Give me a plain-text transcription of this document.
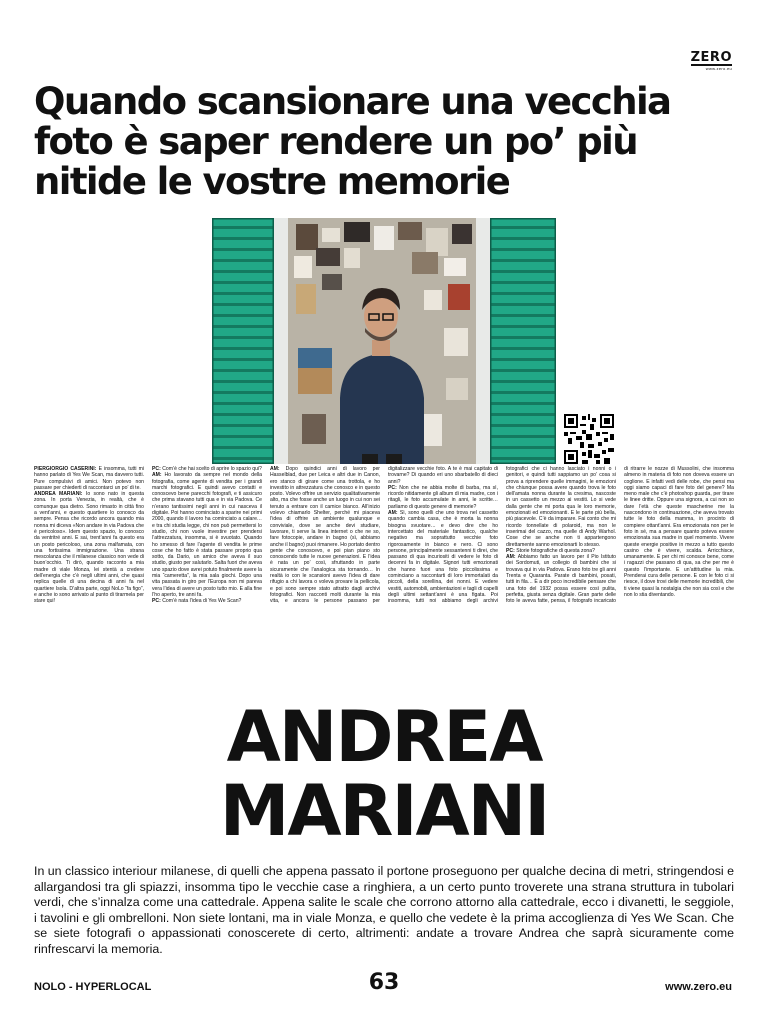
ZERO
www.zero.eu
Quando scansionare una vecchia foto è saper rendere un po’ più nitide le vostre memorie

PIERGIORGIO CASERINI: È insomma, tutti mi hanno parlato di Yes We Scan, ma davvero tutti. Pure compulsivi di amici. Non potevo non passare per chiederti di raccontarci un po’ di te.

ANDREA MARIANI: Io sono nato in questa zona. In porta Venezia, in realtà, che è comunque qua dietro. Sono rimasto in città fino a vent’anni, e questo quartiere lo conosco da sempre. Pensa che ricordo ancora quando mia nonna mi diceva «Non andare in via Padova che è pericoloso». Idem questo spazio, lo conosco da ventritré anni. E sai, trent’anni fa questo era un posto pericoloso, una zona malfamata, con una fortissima immigrazione. Una strana mescolanza che il milanese classico non vede di buon’occhio. Ti dirò, quando racconto a mia madre di viale Monza, lei stentà a credere dell’energia che c’è negli ultimi anni, che quasi replica quelle di una decina di anni fa nel quartiere Isola. D’altra parte, oggi NoLo “fa figo”, e anche io sono arrivato al punto di tirarmela per stare qui!

PC: Com’è che hai scelto di aprire lo spazio qui?

AM: Ho lavorato da sempre nel mondo della fotografia, come agente di vendita per i grandi marchi fotografici. E quindi avevo contatti e conoscevo bene parecchi fotografi, e ti assicuro che prima stavano tutti qua e in via Padova. Ce n’erano tantissimi negli anni in cui nasceva il digitale. Poi hanno cominciato a sparire nei primi 2000, quando il lavoro ha cominciato a calare… e tra chi studia legge, chi non può permettersi lo studio, chi non vuole investire per prendersi l’attrezzatura, insomma, si è svuotato. Quando ho smesso di fare l’agente di vendita le prime cose che ho fatto è stata passare proprio qua sotto, da Dario, un amico che aveva il suo studio, giusto per salutarlo. Salta fuori che aveva uno spazio dove avrei potuto finalmente avere la mia “cameretta”, la mia sala giochi. Dopo una vita passata in giro per l’Europa non mi pareva vera l’idea di avere un posto tutto mio. E alla fine l’ho aperto, tre anni fa.

PC: Com’è nata l’idea di Yes We Scan?

AM: Dopo quindici anni di lavoro per Hasselblad, due per Leica e altri due in Canon, ero stanco di girare come una trottola, e ho investito in attrezzatura che conosco e in questo posto. Volevo offrire un servizio qualitativamente alto, ma che fosse anche un luogo in cui non sei tenuto a entrare con il camice bianco. All’inizio volevo chiamarlo Shelter, perché mi piaceva l’idea di offrire un ambiente qualunque e conviviale, dove se anche devi studiare, lavorare, ti serve la linea internet o che ne so, fare fotocopie, andare in bagno (sì, abbiamo anche il bagno) puoi rimanere. Ho portato dentro gente che conoscevo, e poi pian piano sto conoscendo tutte le nuove generazioni. E l’idea è nata un po’ così, sfruttando in parte sicuramente che l’analogica sta tornando… In realtà io con le scansioni avevo l’idea di dare rifugio a chi lavora o voleva provare la pellicola, e poi sono sempre stato attratto dagli archivi fotografici. Non racconti molti durante la mia vita, e ancora le persone passano per digitalizzare vecchie foto. A te è mai capitato di trovarne? Di quando eri uno sbarbatello di dieci anni?

PC: Non che ne abbia molte di barba, ma sì, ricordo nitidamente gli album di mia madre, con i ritagli, le foto accumulate in anni, le scritte… parliamo di questo genere di memorie?

AM: Sì, sono quelli che uno trova nel cassetto quando cambia casa, che è morta la nonna bisogna svuotare… e devo dire che ho intercettato del materiale fantastico, qualche negativo ma soprattutto vecchie foto rigorosamente in bianco e nero. Ci sono persone, principalmente sessantenni ti direi, che passano di qua incuriositi di vedere le foto di decenni fa in digitale. Signori tutti emozionati che hanno fuori una foto piccolissima e cominciano a raccontarti di loro immortalati da piccoli, della sorellina, dei nonni. E vedere vestiti, automobili, ambientazioni e tagli di capelli degli ultimi settant’anni è una figata. Poi insomma, tutti noi abbiamo degli archivi fotografici che ci hanno lasciato i nonni o i genitori, e quindi tutti sappiamo un po’ cosa si prova a riprendere quelle immagini, le emozioni che chiunque possa avere quando trova le foto dell’amata nonna durante la cresima, nascoste in un cassetto un mezzo ai vestiti. Lo si vede dalla gente che mi porta qua le loro memorie, emozionati ed emozionanti. E le parte più bella, più piacevole. C’è da imparare. Fai conto che mi ricordo tonnellate di polaroid, ma non le inserimai del cazzo, ma quelle di Andy Warhol. Cose che se anche non ti appartengono direttamente sanno emozionarti lo stesso.

PC: Storie fotografiche di questa zona?

AM: Abbiamo fatto un lavoro per il Pio Istituto dei Sordomuti, un collegio di bambini che si trovava qui in via Padova. Erano foto tre gli anni Trenta e Quaranta. Parate di bambini, posati, tutti in fila… È a dir poco incredibile pensare che una foto del 1932 possa essere così pulita, perfetta, giusta senza digitale. Gran parte delle foto le aveva fatte, pensa, il fotografo incaricato di ritrarre le nozze di Mussolini, che insomma almeno in materia di foto non doveva essere un coglione. E infatti vedi delle robe, che pensi ma oggi siamo capaci di fare foto del genere? Ma meno male che c’è photoshop guarda, per tirare le linee dritte. Oppure una signora, a cui non so dare l’età che queste mascherine me la nascondono in continuazione, che aveva trovato tutte le foto della mamma, in procinto di compiere ottant’anni. Era emozionata non per le foto in sé, ma a pensare quanto poteva essere emozionata sua madre in quel momento. Vivere queste energie positive in mezzo a tutto questo casino che è vivere, scalda. Arricchisce, umanamente. E per chi mi conosce bene, come i ragazzi che passano di qua, sa che per me è questo l’importante. E un’attitudine la mia. Prenderai cura delle persone. E con le foto ci si riesce, il dove trovi delle memorie incredibili, che ti viene quasi la nostalgia che non sia così e che non lo stia diventando.

ANDREA
MARIANI

In un classico interiour milanese, di quelli che appena passato il portone proseguono per qualche decina di metri, stringendosi e allargandosi tra gli spiazzi, insomma tipo le vecchie case a ringhiera, a un certo punto troverete una strana struttura in tubolari verdi, che s’innalza come una cattedrale. Appena salite le scale che corrono attorno alla cattedrale, ecco i divanetti, le seggiole, i tavolini e gli ombrelloni. Non siete lontani, ma in viale Monza, e quello che vedete è la prima accoglienza di Yes We Scan. Che se siete fotografi o appassionati conoscerete di certo, altrimenti: andate a trovare Andrea che saprà sicuramente come rinfrescarvi la memoria.

NOLO - HYPERLOCAL	63	www.zero.eu
